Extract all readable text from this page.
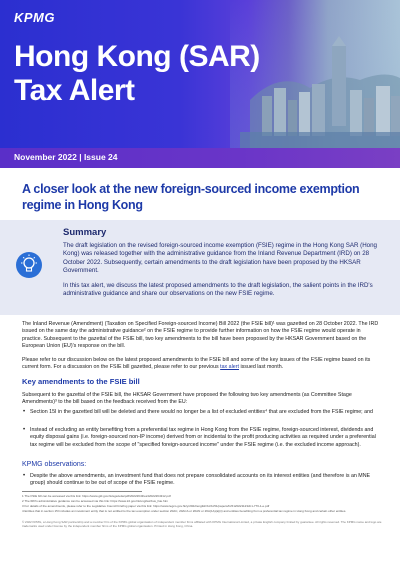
KPMG
Hong Kong (SAR)
Tax Alert
November 2022 | Issue 24
A closer look at the new foreign-sourced income exemption regime in Hong Kong
Summary
The draft legislation on the revised foreign-sourced income exemption (FSIE) regime in the Hong Kong SAR (Hong Kong) was released together with the administrative guidance from the Inland Revenue Department (IRD) on 28 October 2022. Subsequently, certain amendments to the draft legislation have been proposed by the HKSAR Government.
In this tax alert, we discuss the latest proposed amendments to the draft legislation, the salient points in the IRD's administrative guidance and share our observations on the new FSIE regime.
The Inland Revenue (Amendment) (Taxation on Specified Foreign-sourced Income) Bill 2022 (the FSIE bill)¹ was gazetted on 28 October 2022. The IRD issued on the same day the administrative guidance² on the FSIE regime to provide further information on how the FSIE regime would operate in practice. Subsequent to the gazettal of the FSIE bill, two key amendments to the bill have been proposed by the HKSAR Government based on the European Union (EU)'s response on the bill.
Please refer to our discussion below on the latest proposed amendments to the FSIE bill and some of the key issues of the FSIE regime based on its current form. For a discussion on the FSIE bill gazetted, please refer to our previous tax alert issued last month.
Key amendments to the FSIE bill
Subsequent to the gazettal of the FSIE bill, the HKSAR Government have proposed the following two key amendments (as Committee Stage Amendments)³ to the bill based on the feedback received from the EU:
• Section 15I in the gazetted bill will be deleted and there would no longer be a list of excluded entities⁴ that are excluded from the FSIE regime; and
• Instead of excluding an entity benefiting from a preferential tax regime in Hong Kong from the FSIE regime, foreign-sourced interest, dividends and equity disposal gains (i.e. foreign-sourced non-IP income) derived from or incidental to the profit producing activities as required under a preferential tax regime will be excluded from the scope of "specified foreign-sourced income" under the FSIE regime (i.e. the excluded income approach).
KPMG observations:
• Despite the above amendments, an investment fund that does not prepare consolidated accounts on its interest entities (and therefore is an MNE group) should continue to be out of scope of the FSIE regime.
1 The FSIE bill can be accessed via this link: https://www.gld.gov.hk/egazette/pdf/20222643/es32022264312.pdf
2 The IRD's administrative guidance can be accessed via this link: https://www.ird.gov.hk/eng/tax/bus_fsie.htm
3 For details of the amendments, please refer to the Legislative Council briefing paper via this link: https://www.legco.gov.hk/yr2022/english/bc/bc51/papers/bc5120221123cb1-776-1-e.pdf
4 Entities that in section 15I includes an investment entity that is not entitled to the tax exemption under section 20AC, 20ACA or 20AN or 26A(1A)(a)(ii) and entities benefiting from a preferential tax regime in Hong Kong and certain other entities.
© 2022 KPMG, a Hong Kong SAR partnership and a member firm of the KPMG global organisation of independent member firms affiliated with KPMG International Limited, a private English company limited by guarantee. All rights reserved. The KPMG name and logo are trademarks used under license by the independent member firms of the KPMG global organisation. Printed in Hong Kong, China.
